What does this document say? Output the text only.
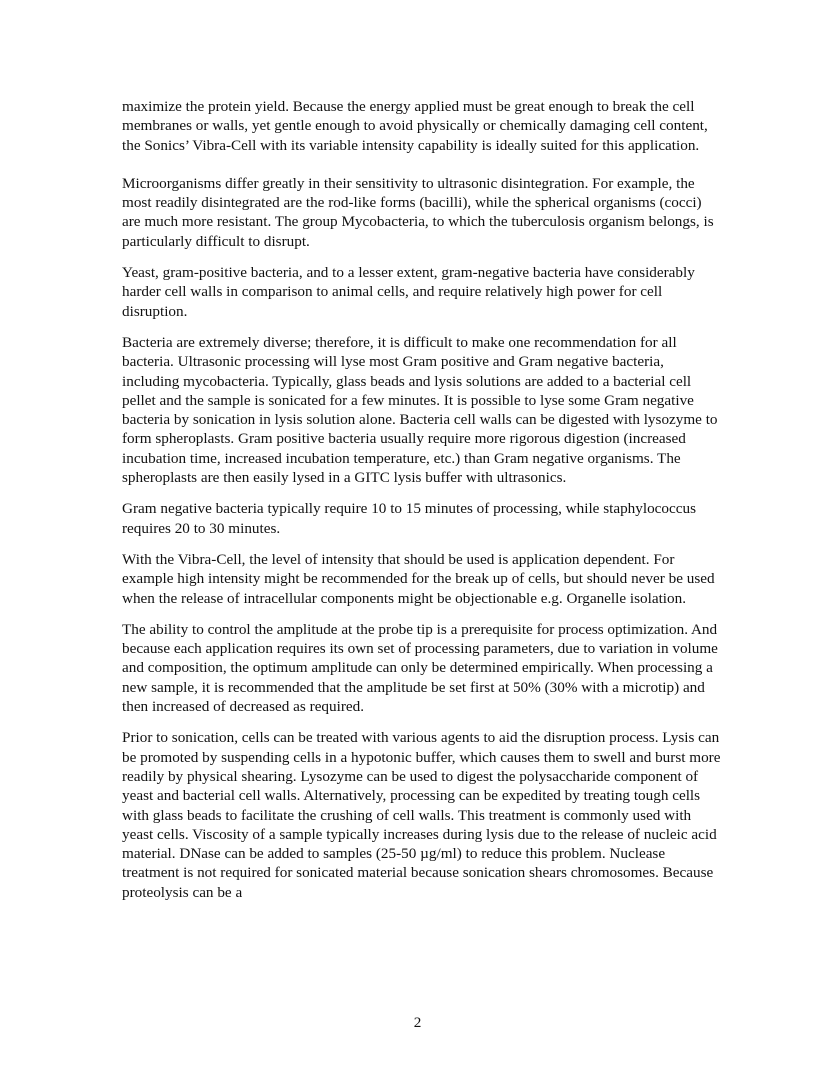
maximize the protein yield. Because the energy applied must be great enough to break the cell membranes or walls, yet gentle enough to avoid physically or chemically damaging cell content, the Sonics’ Vibra-Cell with its variable intensity capability is ideally suited for this application.

Microorganisms differ greatly in their sensitivity to ultrasonic disintegration. For example, the most readily disintegrated are the rod-like forms (bacilli), while the spherical organisms (cocci) are much more resistant. The group Mycobacteria, to which the tuberculosis organism belongs, is particularly difficult to disrupt.

Yeast, gram-positive bacteria, and to a lesser extent, gram-negative bacteria have considerably harder cell walls in comparison to animal cells, and require relatively high power for cell disruption.

Bacteria are extremely diverse; therefore, it is difficult to make one recommendation for all bacteria. Ultrasonic processing will lyse most Gram positive and Gram negative bacteria, including mycobacteria. Typically, glass beads and lysis solutions are added to a bacterial cell pellet and the sample is sonicated for a few minutes. It is possible to lyse some Gram negative bacteria by sonication in lysis solution alone. Bacteria cell walls can be digested with lysozyme to form spheroplasts. Gram positive bacteria usually require more rigorous digestion (increased incubation time, increased incubation temperature, etc.) than Gram negative organisms. The spheroplasts are then easily lysed in a GITC lysis buffer with ultrasonics.

Gram negative bacteria typically require 10 to 15 minutes of processing, while staphylococcus requires 20 to 30 minutes.

With the Vibra-Cell, the level of intensity that should be used is application dependent. For example high intensity might be recommended for the break up of cells, but should never be used when the release of intracellular components might be objectionable e.g. Organelle isolation.

The ability to control the amplitude at the probe tip is a prerequisite for process optimization. And because each application requires its own set of processing parameters, due to variation in volume and composition, the optimum amplitude can only be determined empirically. When processing a new sample, it is recommended that the amplitude be set first at 50% (30% with a microtip) and then increased of decreased as required.

Prior to sonication, cells can be treated with various agents to aid the disruption process. Lysis can be promoted by suspending cells in a hypotonic buffer, which causes them to swell and burst more readily by physical shearing. Lysozyme can be used to digest the polysaccharide component of yeast and bacterial cell walls. Alternatively, processing can be expedited by treating tough cells with glass beads to facilitate the crushing of cell walls. This treatment is commonly used with yeast cells. Viscosity of a sample typically increases during lysis due to the release of nucleic acid material. DNase can be added to samples (25-50 µg/ml) to reduce this problem. Nuclease treatment is not required for sonicated material because sonication shears chromosomes. Because proteolysis can be a

2
